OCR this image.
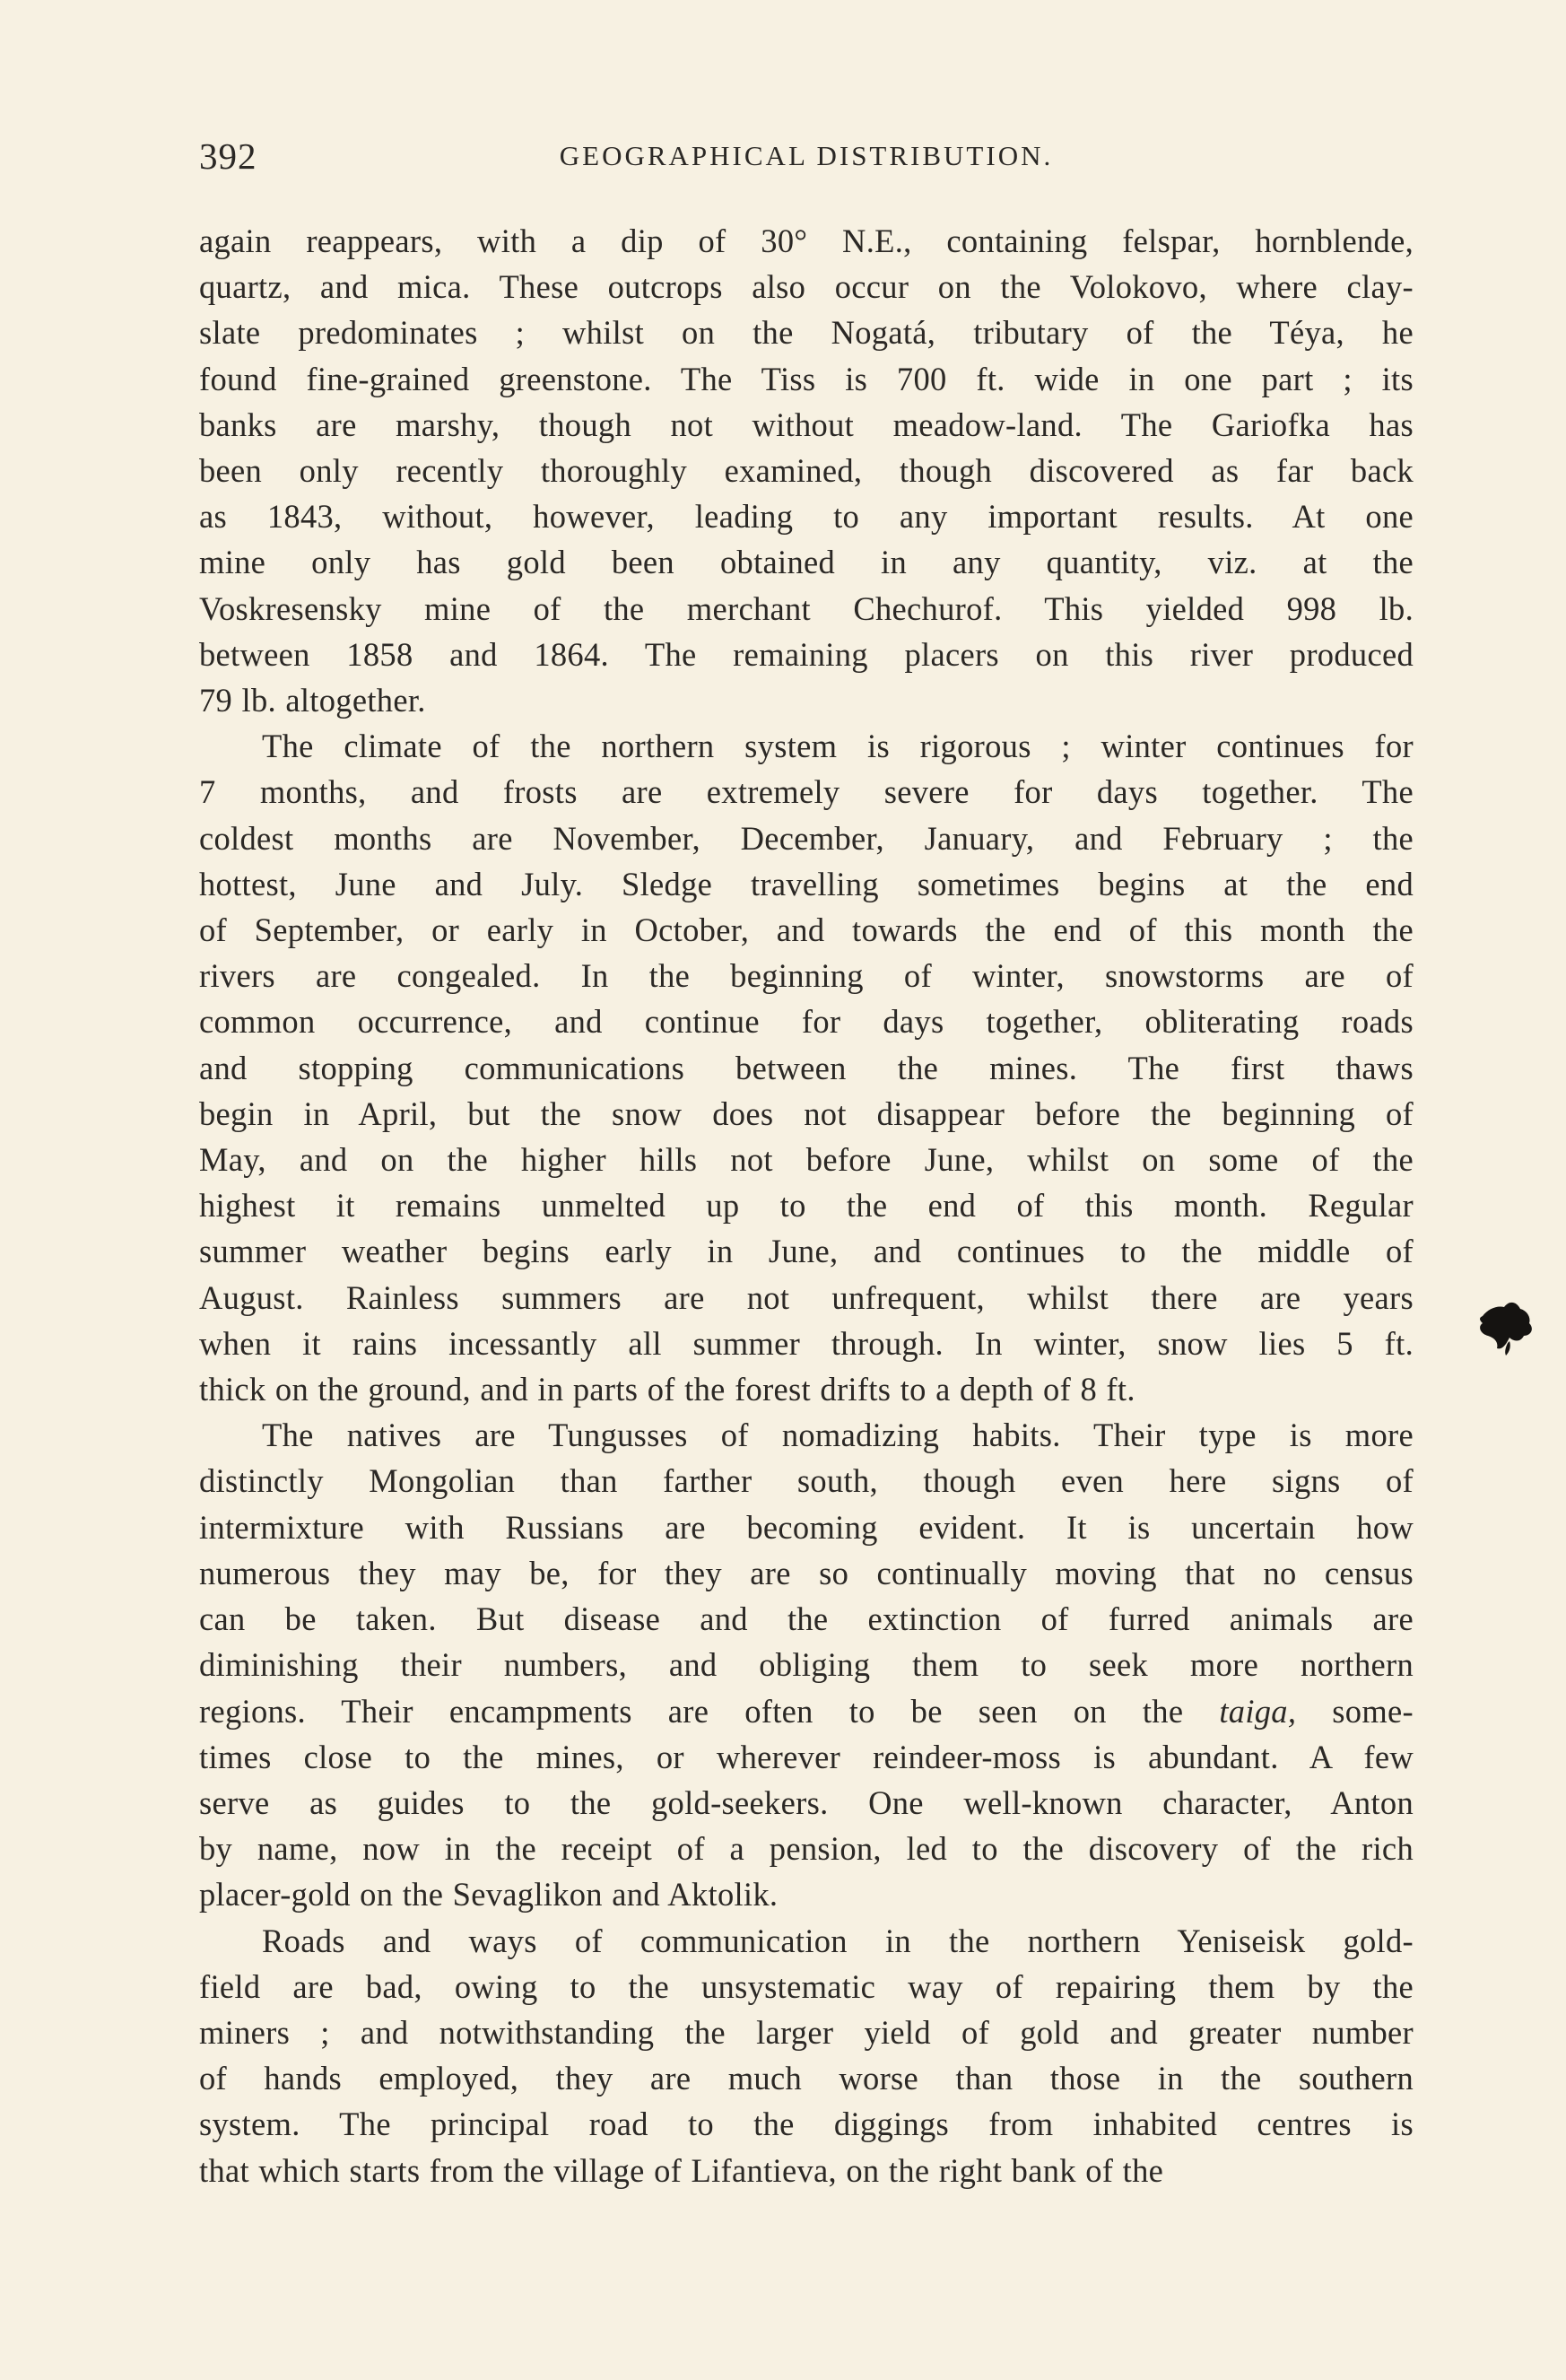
392	GEOGRAPHICAL DISTRIBUTION.

again reappears, with a dip of 30° N.E., containing felspar, hornblende,
quartz, and mica. These outcrops also occur on the Volokovo, where clay-
slate predominates ; whilst on the Nogatá, tributary of the Téya, he
found fine-grained greenstone. The Tiss is 700 ft. wide in one part ; its
banks are marshy, though not without meadow-land. The Gariofka has
been only recently thoroughly examined, though discovered as far back
as 1843, without, however, leading to any important results. At one
mine only has gold been obtained in any quantity, viz. at the
Voskresensky mine of the merchant Chechurof. This yielded 998 lb.
between 1858 and 1864. The remaining placers on this river produced
79 lb. altogether.

The climate of the northern system is rigorous ; winter continues for
7 months, and frosts are extremely severe for days together. The
coldest months are November, December, January, and February ; the
hottest, June and July. Sledge travelling sometimes begins at the end
of September, or early in October, and towards the end of this month the
rivers are congealed. In the beginning of winter, snowstorms are of
common occurrence, and continue for days together, obliterating roads
and stopping communications between the mines. The first thaws
begin in April, but the snow does not disappear before the beginning of
May, and on the higher hills not before June, whilst on some of the
highest it remains unmelted up to the end of this month. Regular
summer weather begins early in June, and continues to the middle of
August. Rainless summers are not unfrequent, whilst there are years
when it rains incessantly all summer through. In winter, snow lies 5 ft.
thick on the ground, and in parts of the forest drifts to a depth of 8 ft.

The natives are Tungusses of nomadizing habits. Their type is more
distinctly Mongolian than farther south, though even here signs of
intermixture with Russians are becoming evident. It is uncertain how
numerous they may be, for they are so continually moving that no census
can be taken. But disease and the extinction of furred animals are
diminishing their numbers, and obliging them to seek more northern
regions. Their encampments are often to be seen on the taiga, some-
times close to the mines, or wherever reindeer-moss is abundant. A few
serve as guides to the gold-seekers. One well-known character, Anton
by name, now in the receipt of a pension, led to the discovery of the rich
placer-gold on the Sevaglikon and Aktolik.

Roads and ways of communication in the northern Yeniseisk gold-
field are bad, owing to the unsystematic way of repairing them by the
miners ; and notwithstanding the larger yield of gold and greater number
of hands employed, they are much worse than those in the southern
system. The principal road to the diggings from inhabited centres is
that which starts from the village of Lifantieva, on the right bank of the
